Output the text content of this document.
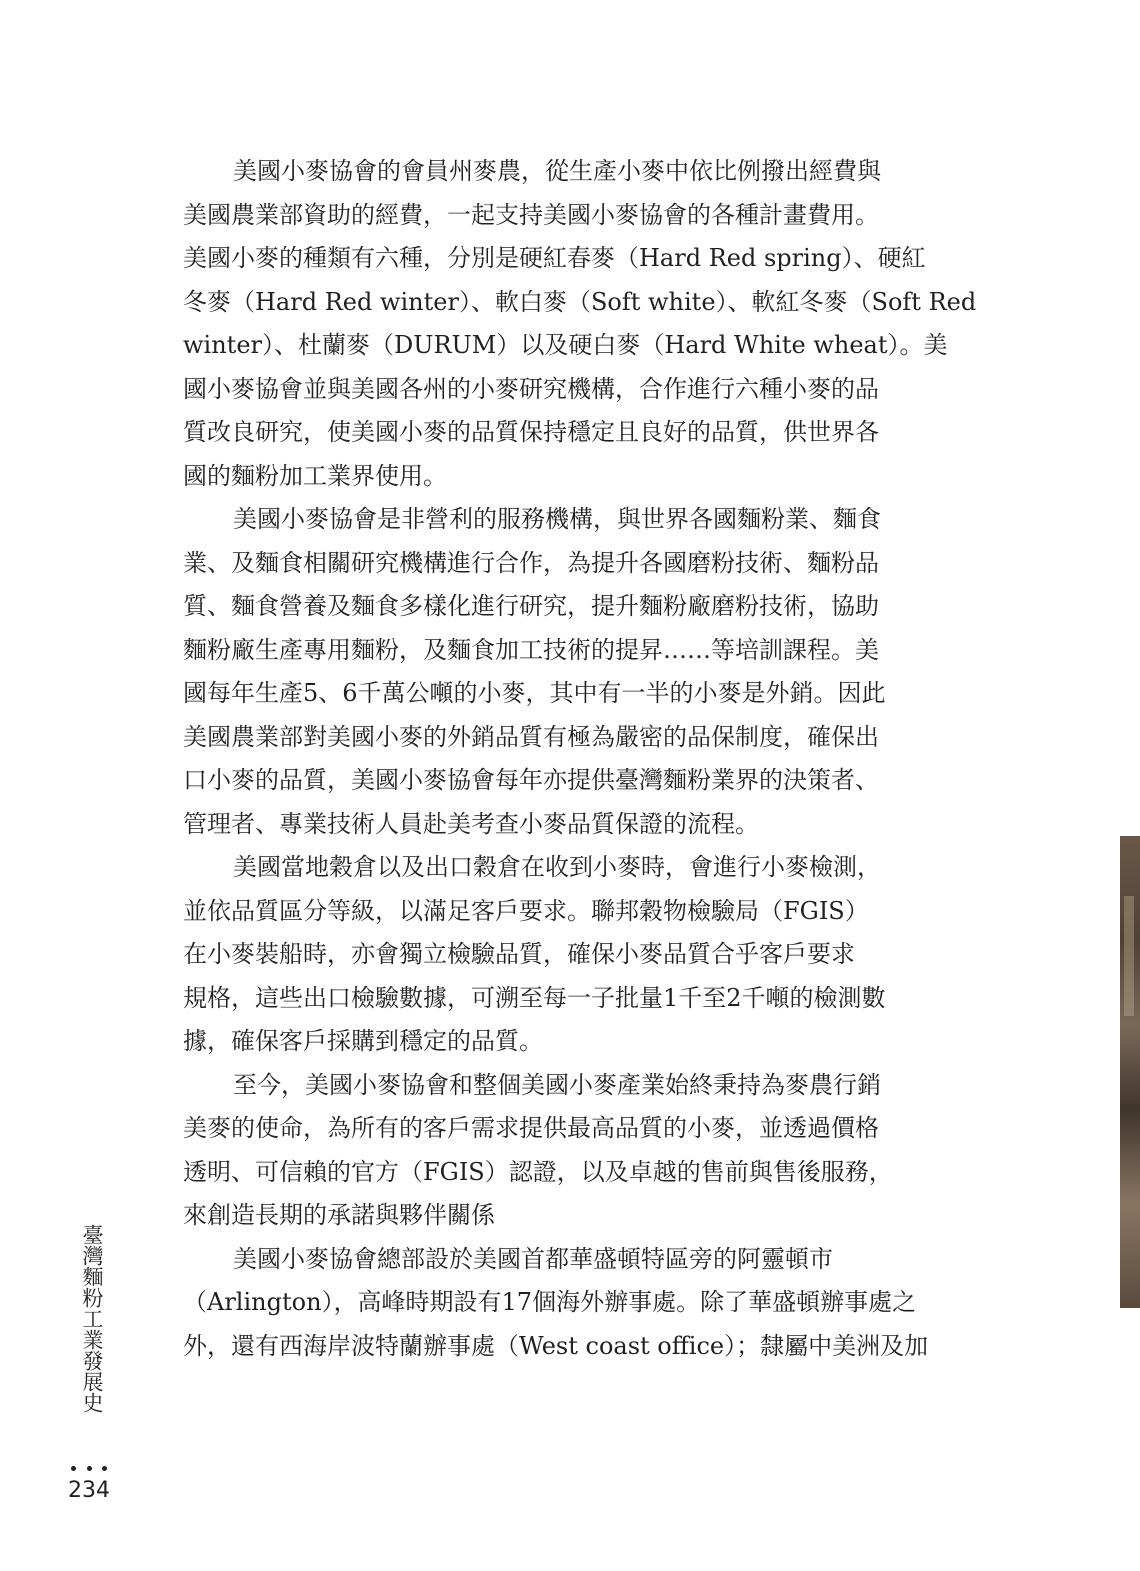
美國小麥協會的會員州麥農，從生產小麥中依比例撥出經費與
美國農業部資助的經費，一起支持美國小麥協會的各種計畫費用。
美國小麥的種類有六種，分別是硬紅春麥（Hard Red spring）、硬紅
冬麥（Hard Red winter）、軟白麥（Soft white）、軟紅冬麥（Soft Red
winter）、杜蘭麥（DURUM）以及硬白麥（Hard White wheat）。美
國小麥協會並與美國各州的小麥研究機構，合作進行六種小麥的品
質改良研究，使美國小麥的品質保持穩定且良好的品質，供世界各
國的麵粉加工業界使用。

美國小麥協會是非營利的服務機構，與世界各國麵粉業、麵食
業、及麵食相關研究機構進行合作，為提升各國磨粉技術、麵粉品
質、麵食營養及麵食多樣化進行研究，提升麵粉廠磨粉技術，協助
麵粉廠生產專用麵粉，及麵食加工技術的提昇……等培訓課程。美
國每年生產5、6千萬公噸的小麥，其中有一半的小麥是外銷。因此
美國農業部對美國小麥的外銷品質有極為嚴密的品保制度，確保出
口小麥的品質，美國小麥協會每年亦提供臺灣麵粉業界的決策者、
管理者、專業技術人員赴美考查小麥品質保證的流程。

美國當地穀倉以及出口穀倉在收到小麥時，會進行小麥檢測，
並依品質區分等級，以滿足客戶要求。聯邦穀物檢驗局（FGIS）
在小麥裝船時，亦會獨立檢驗品質，確保小麥品質合乎客戶要求
規格，這些出口檢驗數據，可溯至每一子批量1千至2千噸的檢測數
據，確保客戶採購到穩定的品質。

至今，美國小麥協會和整個美國小麥產業始終秉持為麥農行銷
美麥的使命，為所有的客戶需求提供最高品質的小麥，並透過價格
透明、可信賴的官方（FGIS）認證，以及卓越的售前與售後服務，
來創造長期的承諾與夥伴關係

美國小麥協會總部設於美國首都華盛頓特區旁的阿靈頓市
（Arlington），高峰時期設有17個海外辦事處。除了華盛頓辦事處之
外，還有西海岸波特蘭辦事處（West coast office）；隸屬中美洲及加

臺灣麵粉工業發展史
234
